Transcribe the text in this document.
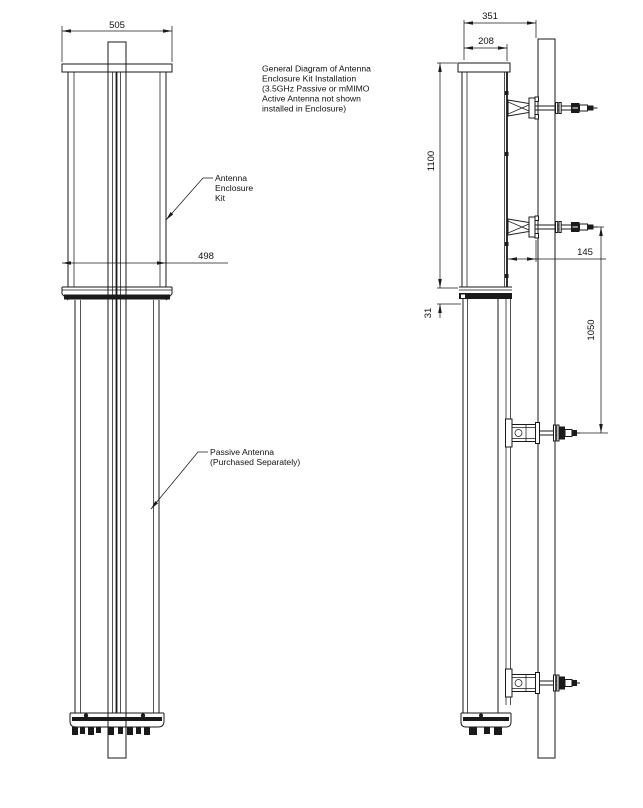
505
498
Antenna
Enclosure
Kit
Passive Antenna
(Purchased Separately)
General Diagram of Antenna
Enclosure Kit Installation
(3.5GHz Passive or mMIMO
Active Antenna not shown
installed in Enclosure)
351
208
1100
31
145
1050
